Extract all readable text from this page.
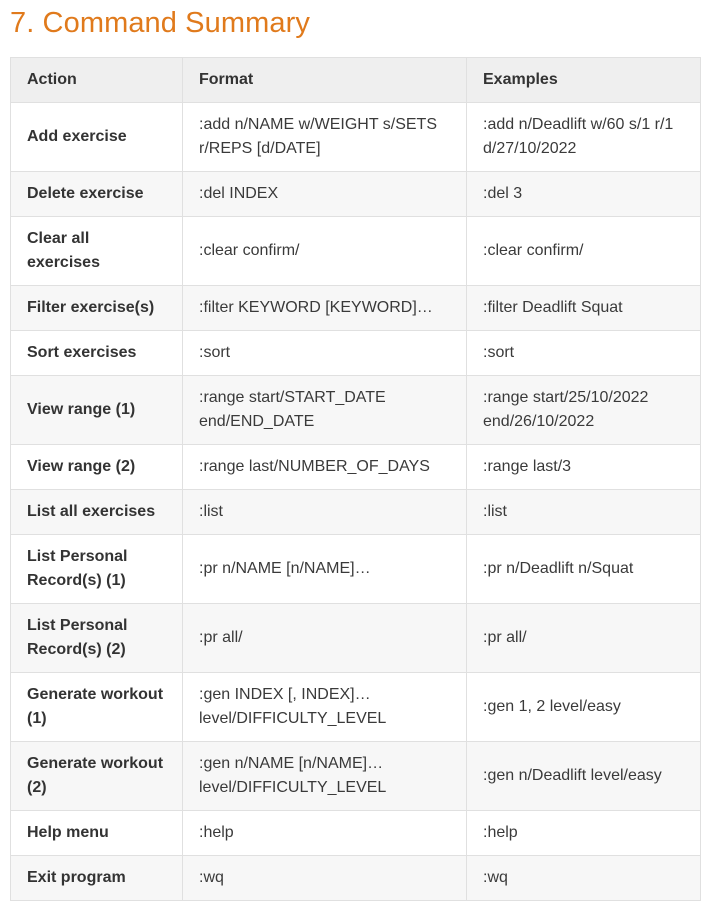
7. Command Summary
Action	Format	Examples
Add exercise	:add n/NAME w/WEIGHT s/SETS r/REPS [d/DATE]	:add n/Deadlift w/60 s/1 r/1 d/27/10/2022
Delete exercise	:del INDEX	:del 3
Clear all exercises	:clear confirm/	:clear confirm/
Filter exercise(s)	:filter KEYWORD [KEYWORD]…	:filter Deadlift Squat
Sort exercises	:sort	:sort
View range (1)	:range start/START_DATE end/END_DATE	:range start/25/10/2022 end/26/10/2022
View range (2)	:range last/NUMBER_OF_DAYS	:range last/3
List all exercises	:list	:list
List Personal Record(s) (1)	:pr n/NAME [n/NAME]…	:pr n/Deadlift n/Squat
List Personal Record(s) (2)	:pr all/	:pr all/
Generate workout (1)	:gen INDEX [, INDEX]… level/DIFFICULTY_LEVEL	:gen 1, 2 level/easy
Generate workout (2)	:gen n/NAME [n/NAME]… level/DIFFICULTY_LEVEL	:gen n/Deadlift level/easy
Help menu	:help	:help
Exit program	:wq	:wq
